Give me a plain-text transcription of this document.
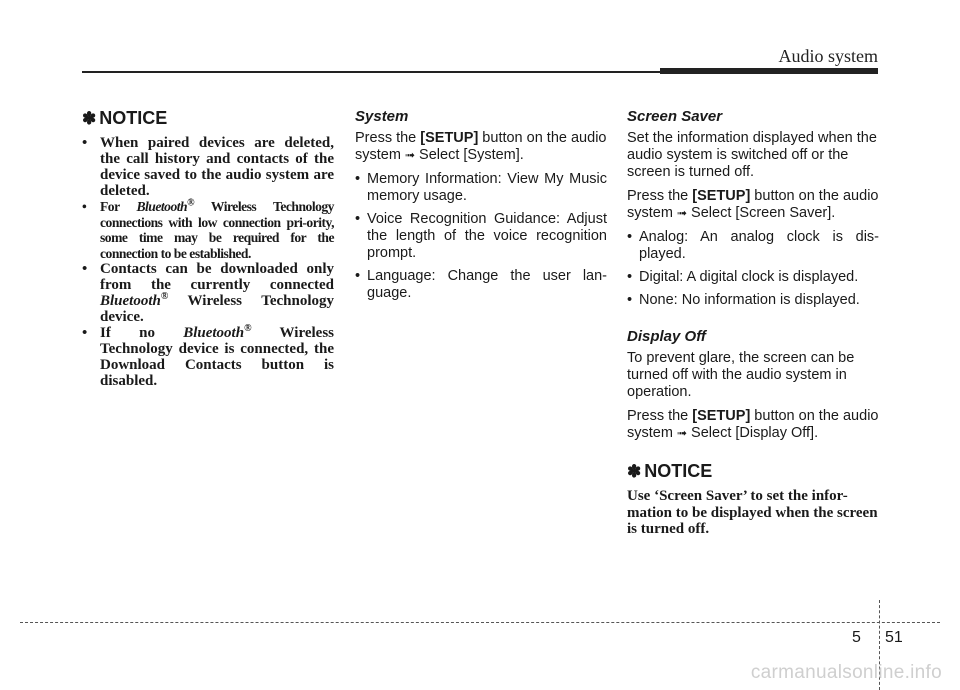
Audio system
✽ NOTICE
• When paired devices are deleted, the call history and contacts of the device saved to the audio system are deleted.
• For Bluetooth® Wireless Technology connections with low connection pri-ority, some time may be required for the connection to be established.
• Contacts can be downloaded only from the currently connected Bluetooth® Wireless Technology device.
• If no Bluetooth® Wireless Technology device is connected, the Download Contacts button is disabled.
System

Press the [SETUP] button on the audio system ➟ Select [System].

• Memory Information: View My Music memory usage.
• Voice Recognition Guidance: Adjust the length of the voice recognition prompt.
• Language: Change the user lan-guage.
Screen Saver

Set the information displayed when the audio system is switched off or the screen is turned off.

Press the [SETUP] button on the audio system ➟ Select [Screen Saver].

• Analog: An analog clock is dis-played.
• Digital: A digital clock is displayed.
• None: No information is displayed.
Display Off

To prevent glare, the screen can be turned off with the audio system in operation.

Press the [SETUP] button on the audio system ➟ Select [Display Off].

✽ NOTICE

Use ‘Screen Saver’ to set the infor-mation to be displayed when the screen is turned off.

5 51
carmanualsonline.info
